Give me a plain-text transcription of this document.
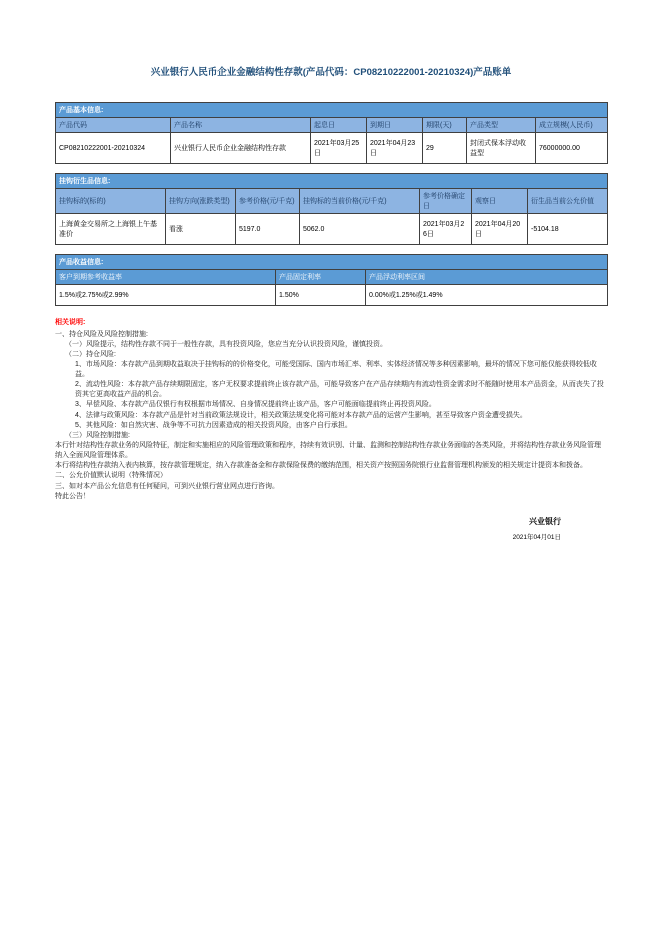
兴业银行人民币企业金融结构性存款(产品代码：CP08210222001-20210324)产品账单
产品基本信息:						
产品代码	产品名称	起息日	到期日	期限(天)	产品类型	成立规模(人民币)
CP08210222001-20210324	兴业银行人民币企业金融结构性存款	2021年03月25日	2021年04月23日	29	封闭式保本浮动收益型	76000000.00
挂钩衍生品信息:						
挂钩标的(标的)	挂钩方向(涨跌类型)	参考价格(元/千克)	挂钩标的当前价格(元/千克)	参考价格确定日	观察日	衍生品当前公允价值
上海黄金交易所之上海银上午基准价	看涨	5197.0	5062.0	2021年03月26日	2021年04月20日	-5104.18
产品收益信息:		
客户到期参考收益率	产品固定利率	产品浮动利率区间
1.5%或2.75%或2.99%	1.50%	0.00%或1.25%或1.49%
相关说明:
一、持仓风险及风险控制措施:
（一）风险提示，结构性存款不同于一般性存款，具有投资风险，您应当充分认识投资风险，谨慎投资。
（二）持仓风险:
1、市场风险：本存款产品到期收益取决于挂钩标的的价格变化，可能受国际、国内市场汇率、利率、实体经济情况等多种因素影响，最坏的情况下您可能仅能获得较低收益。
2、流动性风险：本存款产品存续期限固定，客户无权要求提前终止该存款产品，可能导致客户在产品存续期内有流动性资金需求时不能随时使用本产品资金，从而丧失了投资其它更高收益产品的机会。
3、早偿风险、本存款产品仅银行有权根据市场情况、自身情况提前终止该产品，客户可能面临提前终止再投资风险。
4、法律与政策风险：本存款产品是针对当前政策法规设计，相关政策法规变化将可能对本存款产品的运营产生影响，甚至导致客户资金遭受损失。
5、其他风险：如自然灾害、战争等不可抗力因素造成的相关投资风险，由客户自行承担。
（三）风险控制措施:
本行针对结构性存款业务的风险特征，制定和实施相应的风险管理政策和程序，持续有效识别、计量、监测和控制结构性存款业务面临的各类风险，并将结构性存款业务风险管理纳入全面风险管理体系。
本行将结构性存款纳入表内核算，按存款管理规定，纳入存款准备金和存款保险保费的缴纳范围，相关资产按照国务院银行业监督管理机构颁发的相关规定计提资本和拨备。
二、公允价值默认说明（特殊情况）
三、如对本产品公允信息有任何疑问，可到兴业银行营业网点进行咨询。
特此公告！
兴业银行
2021年04月01日
